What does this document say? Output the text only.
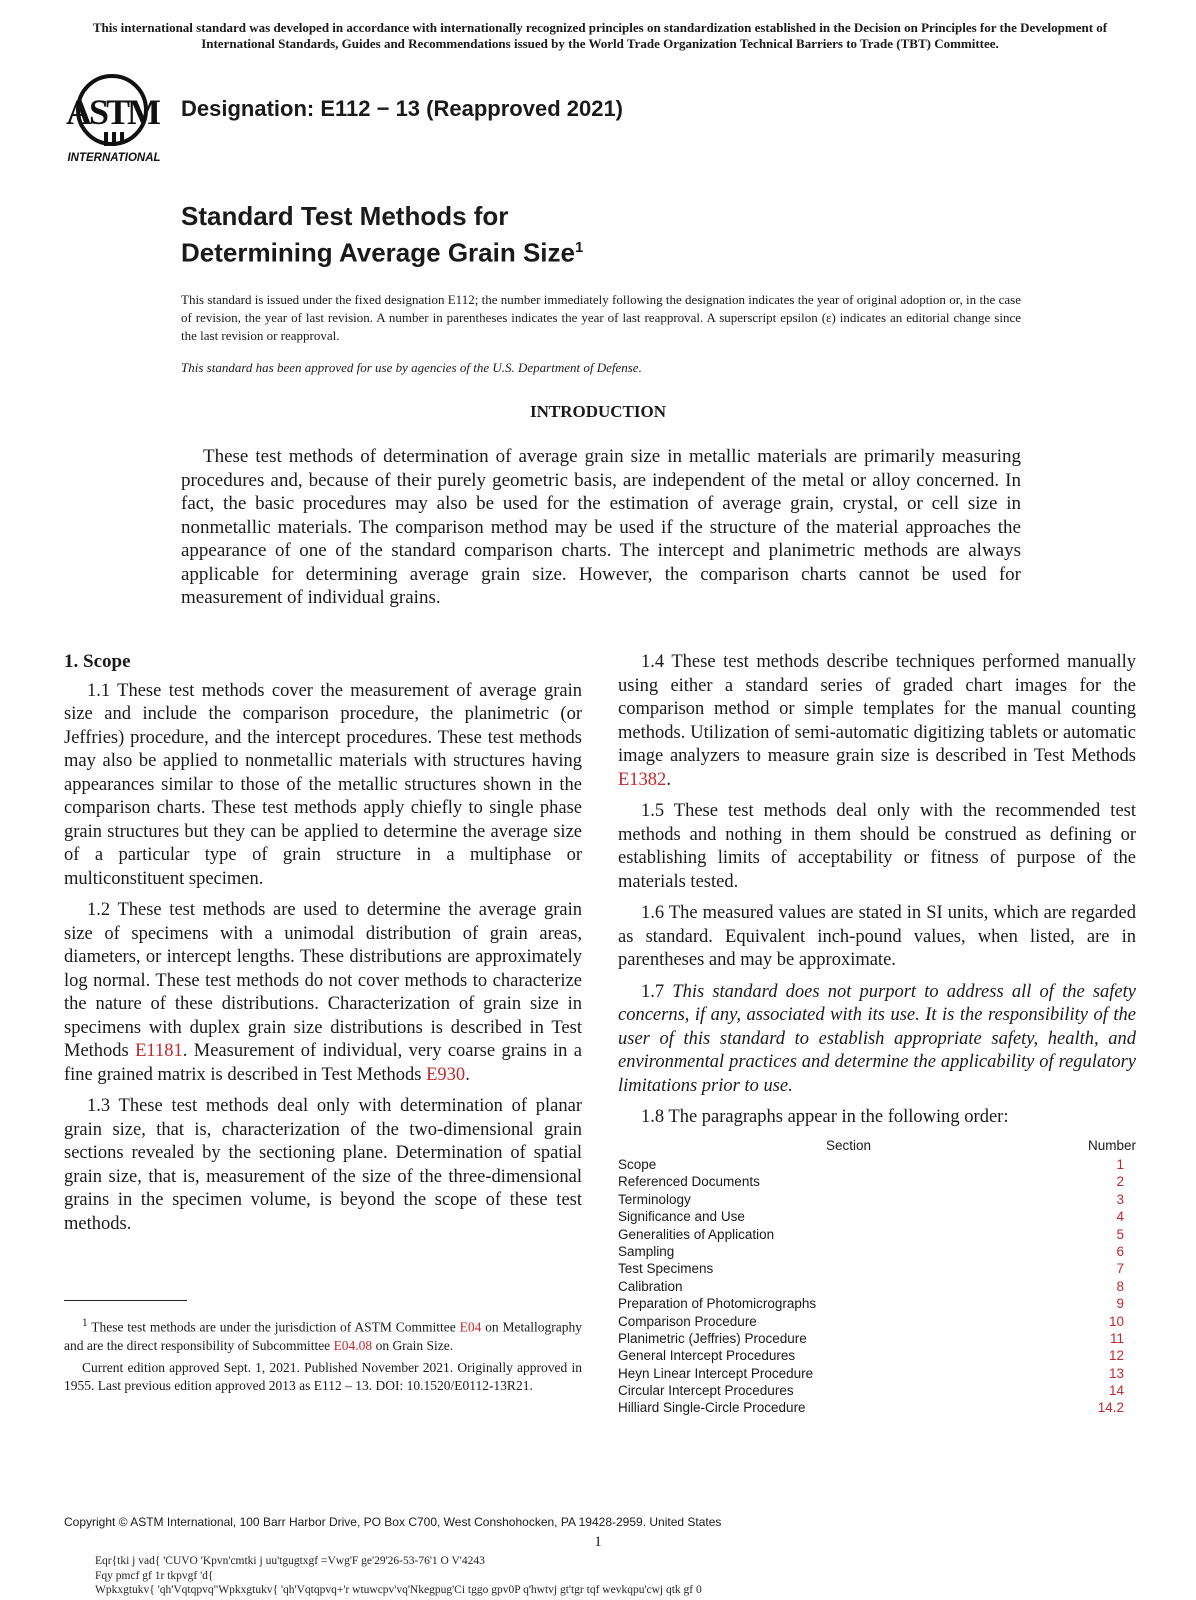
This international standard was developed in accordance with internationally recognized principles on standardization established in the Decision on Principles for the Development of International Standards, Guides and Recommendations issued by the World Trade Organization Technical Barriers to Trade (TBT) Committee.
ASTM
INTERNATIONAL
Designation: E112 − 13 (Reapproved 2021)
Standard Test Methods for
Determining Average Grain Size$^1$
This standard is issued under the fixed designation E112; the number immediately following the designation indicates the year of original adoption or, in the case of revision, the year of last revision. A number in parentheses indicates the year of last reapproval. A superscript epsilon (ε) indicates an editorial change since the last revision or reapproval.
This standard has been approved for use by agencies of the U.S. Department of Defense.
INTRODUCTION

These test methods of determination of average grain size in metallic materials are primarily measuring procedures and, because of their purely geometric basis, are independent of the metal or alloy concerned. In fact, the basic procedures may also be used for the estimation of average grain, crystal, or cell size in nonmetallic materials. The comparison method may be used if the structure of the material approaches the appearance of one of the standard comparison charts. The intercept and planimetric methods are always applicable for determining average grain size. However, the comparison charts cannot be used for measurement of individual grains.

1. Scope

1.1 These test methods cover the measurement of average grain size and include the comparison procedure, the planimetric (or Jeffries) procedure, and the intercept procedures. These test methods may also be applied to nonmetallic materials with structures having appearances similar to those of the metallic structures shown in the comparison charts. These test methods apply chiefly to single phase grain structures but they can be applied to determine the average size of a particular type of grain structure in a multiphase or multiconstituent specimen.

1.2 These test methods are used to determine the average grain size of specimens with a unimodal distribution of grain areas, diameters, or intercept lengths. These distributions are approximately log normal. These test methods do not cover methods to characterize the nature of these distributions. Characterization of grain size in specimens with duplex grain size distributions is described in Test Methods E1181. Measurement of individual, very coarse grains in a fine grained matrix is described in Test Methods E930.

1.3 These test methods deal only with determination of planar grain size, that is, characterization of the two-dimensional grain sections revealed by the sectioning plane. Determination of spatial grain size, that is, measurement of the size of the three-dimensional grains in the specimen volume, is beyond the scope of these test methods.

1.4 These test methods describe techniques performed manually using either a standard series of graded chart images for the comparison method or simple templates for the manual counting methods. Utilization of semi-automatic digitizing tablets or automatic image analyzers to measure grain size is described in Test Methods E1382.

1.5 These test methods deal only with the recommended test methods and nothing in them should be construed as defining or establishing limits of acceptability or fitness of purpose of the materials tested.

1.6 The measured values are stated in SI units, which are regarded as standard. Equivalent inch-pound values, when listed, are in parentheses and may be approximate.

1.7 This standard does not purport to address all of the safety concerns, if any, associated with its use. It is the responsibility of the user of this standard to establish appropriate safety, health, and environmental practices and determine the applicability of regulatory limitations prior to use.

1.8 The paragraphs appear in the following order:

Section	Number
Scope	1
Referenced Documents	2
Terminology	3
Significance and Use	4
Generalities of Application	5
Sampling	6
Test Specimens	7
Calibration	8
Preparation of Photomicrographs	9
Comparison Procedure	10
Planimetric (Jeffries) Procedure	11
General Intercept Procedures	12
Heyn Linear Intercept Procedure	13
Circular Intercept Procedures	14
Hilliard Single-Circle Procedure	14.2

$^1$ These test methods are under the jurisdiction of ASTM Committee E04 on Metallography and are the direct responsibility of Subcommittee E04.08 on Grain Size.

Current edition approved Sept. 1, 2021. Published November 2021. Originally approved in 1955. Last previous edition approved 2013 as E112 – 13. DOI: 10.1520/E0112-13R21.

Copyright © ASTM International, 100 Barr Harbor Drive, PO Box C700, West Conshohocken, PA 19428-2959. United States
1
Eqr{tki j vad{ 'CUVO 'Kpvn'cmtki j uu'tgugtxgf =Vwg'F ge'29'26-53-76'1 O V'4243
Fqy pmcf gf 1r tkpvgf 'd{
Wpkxgtukv{ 'qh'Vqtqpvq"Wpkxgtukv{ 'qh'Vqtqpvq+'r wtuwcpv'vq'Nkegpug'Ci tggo gpv0P q'hwtvj gt'tgr tqf wevkqpu'cwj qtk gf 0
